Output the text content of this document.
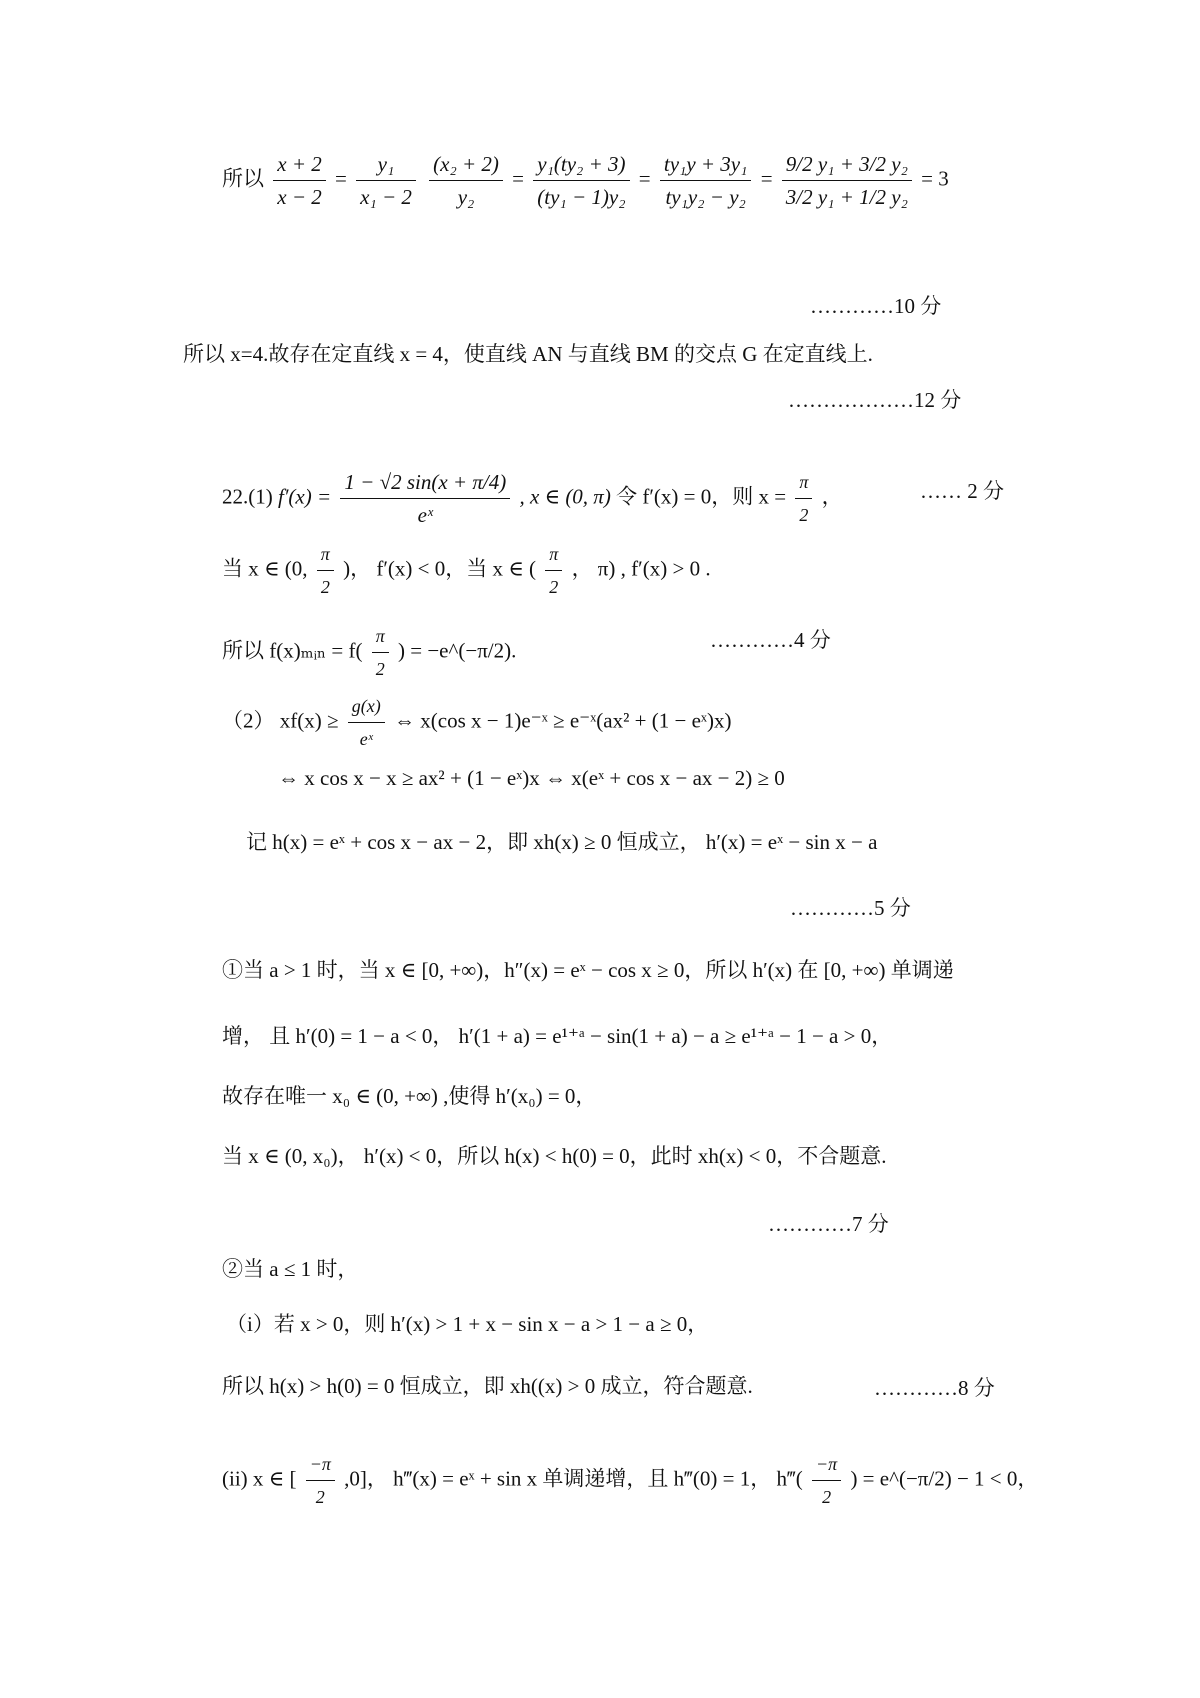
所以 $\frac{x + 2}{x - 2} = \frac{\text{y₁}}{\text{x₁ − 2}}$
$\frac{\text{(x₂ + 2)}}{\text{y₂}} = \frac{\text{y₁(ty₂ + 3)}}{\text{(ty₁ − 1)y₂}} = \frac{\text{ty₁y + 3y₁}}{\text{ty₁y₂ − y₂}} = \frac{\text{9/2 y₁ + 3/2 y₂}}{\text{3/2 y₁ + 1/2 y₂}} = 3$
…………10 分
所以 x=4.故存在定直线 x = 4，使直线 AN 与直线 BM 的交点 G 在定直线上.
………………12 分
22.(1) $f'(x) = \frac{1 - √2 \sin(x + \pi/4)}{\text{eˣ}}$ , x ∈ (0, π) 令 f′(x) = 0，则 $x = \frac{\pi}{2}$ ，	…… 2 分
当 x ∈ (0, $\frac{\pi}{2}$ )， f′(x) < 0，当 x ∈ ( $\frac{\pi}{2}$ ， π) , f′(x) > 0 .
所以 f(x)ₘᵢₙ = $f( \frac{\pi}{2}$ ) = −e^(−π/2).	…………4 分
（2） $xf(x) \ge \frac{g(x)}{\text{eˣ}}$ ⇔ x(cos x − 1)e⁻ˣ ≥ e⁻ˣ(ax² + (1 − eˣ)x)
⇔ x cos x − x ≥ ax² + (1 − eˣ)x ⇔ x(eˣ + cos x − ax − 2) ≥ 0
记 h(x) = eˣ + cos x − ax − 2，即 xh(x) ≥ 0 恒成立， h′(x) = eˣ − sin x − a
…………5 分
①当 a > 1 时，当 x ∈ [0, +∞)，h″(x) = eˣ − cos x ≥ 0，所以 h′(x) 在 [0, +∞) 单调递
增， 且 h′(0) = 1 − a < 0， h′(1 + a) = e¹⁺ᵃ − sin(1 + a) − a ≥ e¹⁺ᵃ − 1 − a > 0，
故存在唯一 x₀ ∈ (0, +∞) ,使得 h′(x₀) = 0，
当 x ∈ (0, x₀)， h′(x) < 0，所以 h(x) < h(0) = 0，此时 xh(x) < 0，不合题意.
…………7 分
②当 a ≤ 1 时，
（i）若 x > 0，则 h′(x) > 1 + x − sin x − a > 1 − a ≥ 0，
所以 h(x) > h(0) = 0 恒成立，即 xh((x) > 0 成立，符合题意.	…………8 分
(ii) x ∈ [ $\frac{-\pi}{2} ,0$]， h‴(x) = eˣ + sin x 单调递增，且 h‴(0) = 1， h‴( $\frac{-\pi}{2}$ ) = e^(−π/2) − 1 < 0，
